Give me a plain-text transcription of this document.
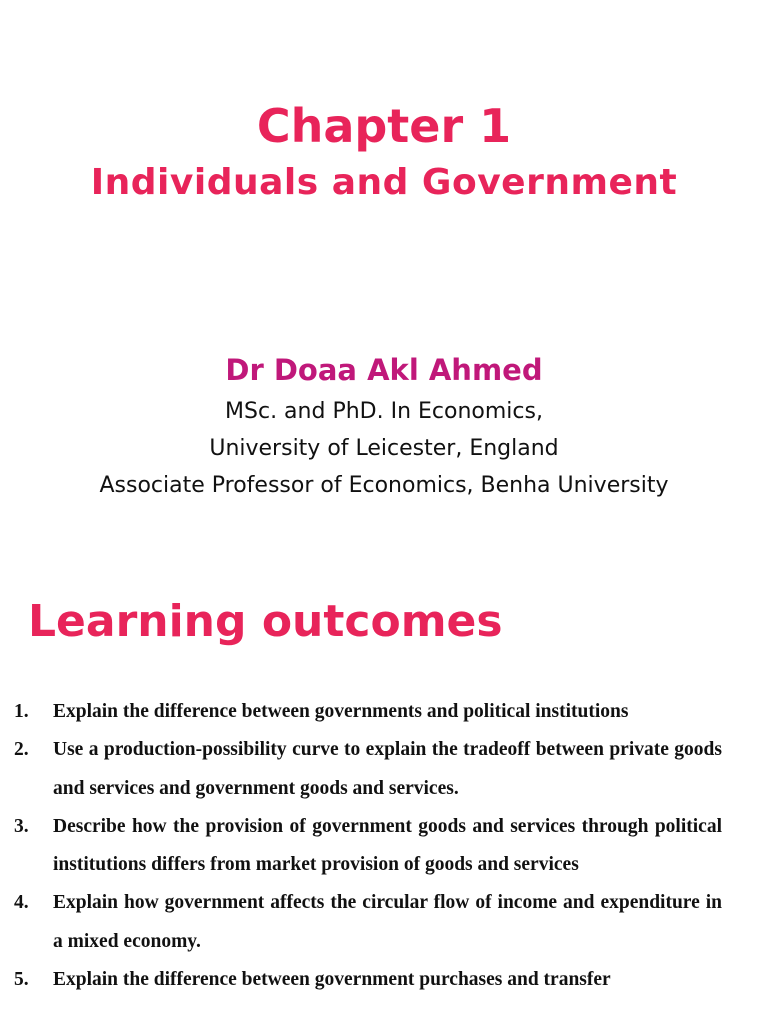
Chapter 1
Individuals and Government
Dr Doaa Akl Ahmed
MSc. and PhD. In Economics,
University of Leicester, England
Associate Professor of Economics, Benha University
Learning outcomes
1. Explain the difference between governments and political institutions
2. Use a production-possibility curve to explain the tradeoff between private goods and services and government goods and services.
3. Describe how the provision of government goods and services through political institutions differs from market provision of goods and services
4. Explain how government affects the circular flow of income and expenditure in a mixed economy.
5. Explain the difference between government purchases and transfer
